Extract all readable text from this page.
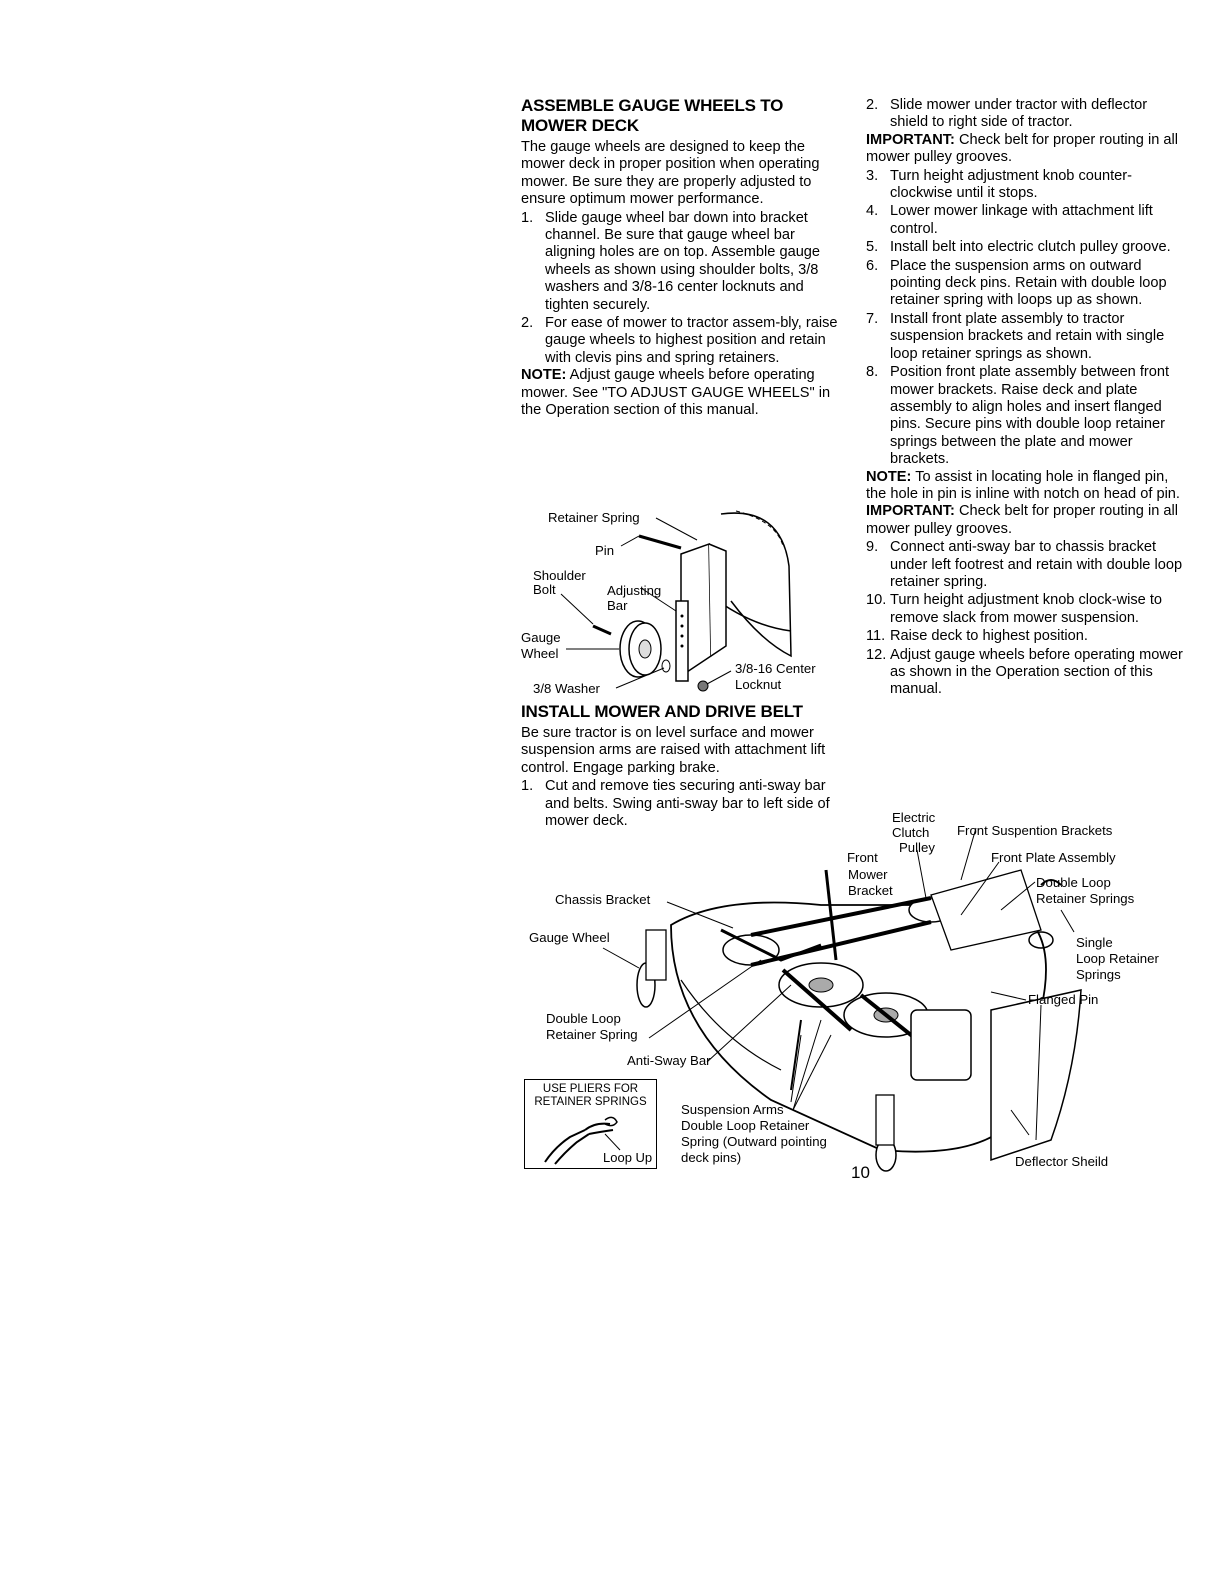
ASSEMBLE GAUGE WHEELS TO
MOWER DECK

The gauge wheels are designed to keep the mower deck in proper position when operating mower. Be sure they are properly adjusted to ensure optimum mower performance.

1. Slide gauge wheel bar down into bracket channel. Be sure that gauge wheel bar aligning holes are on top. Assemble gauge wheels as shown using shoulder bolts, 3/8 washers and 3/8-16 center locknuts and tighten securely.
2. For ease of mower to tractor assem-bly, raise gauge wheels to highest position and retain with clevis pins and spring retainers.

NOTE: Adjust gauge wheels before operating mower. See "TO ADJUST GAUGE WHEELS" in the Operation section of this manual.

Retainer Spring
Pin
Shoulder
Bolt	Adjusting
Bar
Gauge
Wheel
3/8-16 Center
Locknut
3/8 Washer
INSTALL MOWER AND DRIVE BELT

Be sure tractor is on level surface and mower suspension arms are raised with attachment lift control. Engage parking brake.

1. Cut and remove ties securing anti-sway bar and belts. Swing anti-sway bar to left side of mower deck.
2. Slide mower under tractor with deflector shield to right side of tractor.

IMPORTANT: Check belt for proper routing in all mower pulley grooves.

3. Turn height adjustment knob counter-clockwise until it stops.
4. Lower mower linkage with attachment lift control.
5. Install belt into electric clutch pulley groove.
6. Place the suspension arms on outward pointing deck pins. Retain with double loop retainer spring with loops up as shown.
7. Install front plate assembly to tractor suspension brackets and retain with single loop retainer springs as shown.
8. Position front plate assembly between front mower brackets. Raise deck and plate assembly to align holes and insert flanged pins. Secure pins with double loop retainer springs between the plate and mower brackets.

NOTE: To assist in locating hole in flanged pin, the hole in pin is inline with notch on head of pin.

IMPORTANT: Check belt for proper routing in all mower pulley grooves.

9. Connect anti-sway bar to chassis bracket under left footrest and retain with double loop retainer spring.
10. Turn height adjustment knob clock-wise to remove slack from mower suspension.
11. Raise deck to highest position.
12. Adjust gauge wheels before operating mower as shown in the Operation section of this manual.
Electric
Clutch
Pulley
Front Suspention Brackets
Front
Mower
Bracket
Front Plate Assembly
Double Loop
Retainer Springs
Chassis Bracket
Gauge Wheel	Single
Loop Retainer
Springs
Flanged Pin
Double Loop
Retainer Spring
Anti-Sway Bar
Suspension Arms
Double Loop Retainer
Spring (Outward pointing
deck pins)	Deflector Sheild
USE PLIERS FOR
RETAINER SPRINGS
Loop Up
10
